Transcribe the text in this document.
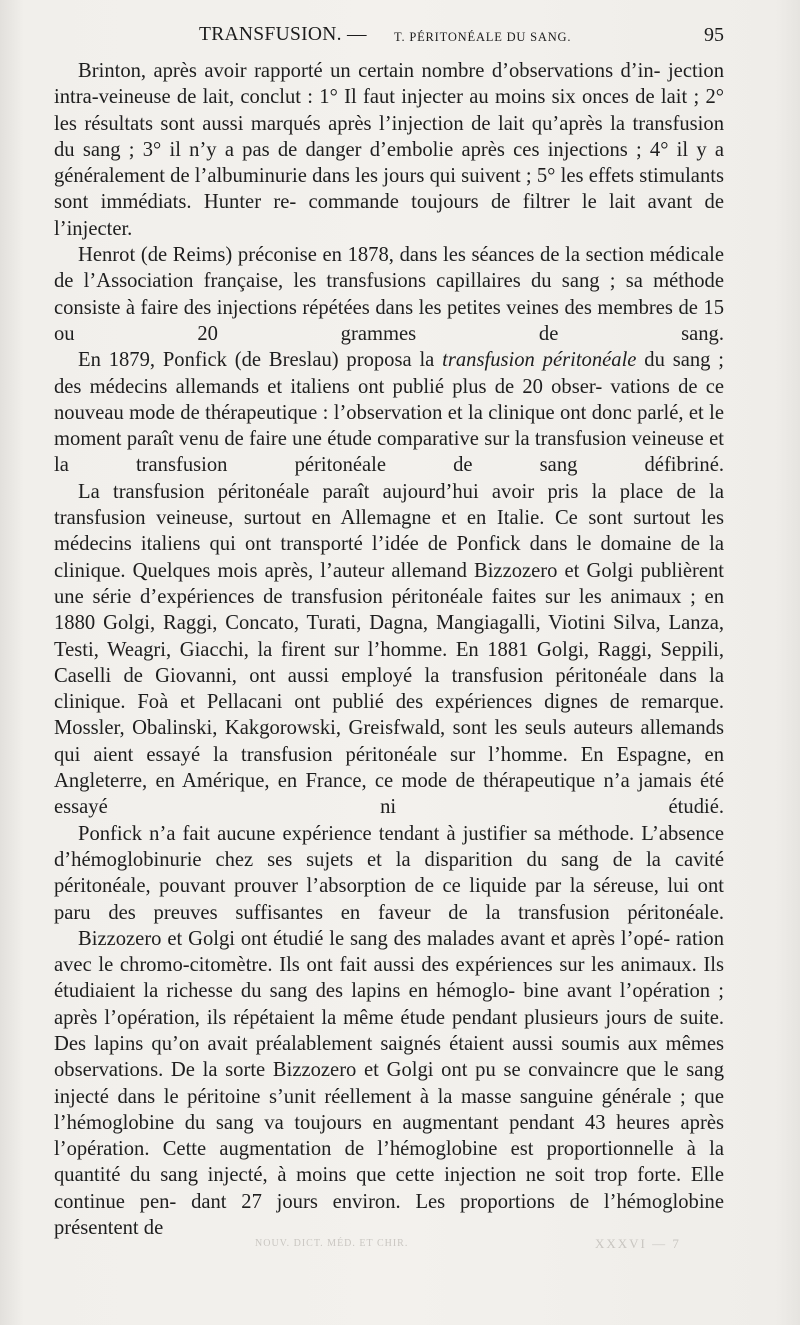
TRANSFUSION. — T. PÉRITONÉALE DU SANG.	95

Brinton, après avoir rapporté un certain nombre d’observations d’in- jection intra-veineuse de lait, conclut : 1° Il faut injecter au moins six onces de lait ; 2° les résultats sont aussi marqués après l’injection de lait qu’après la transfusion du sang ; 3° il n’y a pas de danger d’embolie après ces injections ; 4° il y a généralement de l’albuminurie dans les jours qui suivent ; 5° les effets stimulants sont immédiats. Hunter re- commande toujours de filtrer le lait avant de l’injecter.

Henrot (de Reims) préconise en 1878, dans les séances de la section médicale de l’Association française, les transfusions capillaires du sang ; sa méthode consiste à faire des injections répétées dans les petites veines des membres de 15 ou 20 grammes de sang.

En 1879, Ponfick (de Breslau) proposa la transfusion péritonéale du sang ; des médecins allemands et italiens ont publié plus de 20 obser- vations de ce nouveau mode de thérapeutique : l’observation et la clinique ont donc parlé, et le moment paraît venu de faire une étude comparative sur la transfusion veineuse et la transfusion péritonéale de sang défibriné.

La transfusion péritonéale paraît aujourd’hui avoir pris la place de la transfusion veineuse, surtout en Allemagne et en Italie. Ce sont surtout les médecins italiens qui ont transporté l’idée de Ponfick dans le domaine de la clinique. Quelques mois après, l’auteur allemand Bizzozero et Golgi publièrent une série d’expériences de transfusion péritonéale faites sur les animaux ; en 1880 Golgi, Raggi, Concato, Turati, Dagna, Mangiagalli, Viotini Silva, Lanza, Testi, Weagri, Giacchi, la firent sur l’homme. En 1881 Golgi, Raggi, Seppili, Caselli de Giovanni, ont aussi employé la transfusion péritonéale dans la clinique. Foà et Pellacani ont publié des expériences dignes de remarque. Mossler, Obalinski, Kakgorowski, Greisfwald, sont les seuls auteurs allemands qui aient essayé la transfusion péritonéale sur l’homme. En Espagne, en Angleterre, en Amérique, en France, ce mode de thérapeutique n’a jamais été essayé ni étudié.

Ponfick n’a fait aucune expérience tendant à justifier sa méthode. L’absence d’hémoglobinurie chez ses sujets et la disparition du sang de la cavité péritonéale, pouvant prouver l’absorption de ce liquide par la séreuse, lui ont paru des preuves suffisantes en faveur de la transfusion péritonéale.

Bizzozero et Golgi ont étudié le sang des malades avant et après l’opé- ration avec le chromo-citomètre. Ils ont fait aussi des expériences sur les animaux. Ils étudiaient la richesse du sang des lapins en hémoglo- bine avant l’opération ; après l’opération, ils répétaient la même étude pendant plusieurs jours de suite. Des lapins qu’on avait préalablement saignés étaient aussi soumis aux mêmes observations. De la sorte Bizzozero et Golgi ont pu se convaincre que le sang injecté dans le péritoine s’unit réellement à la masse sanguine générale ; que l’hémoglobine du sang va toujours en augmentant pendant 43 heures après l’opération. Cette augmentation de l’hémoglobine est proportionnelle à la quantité du sang injecté, à moins que cette injection ne soit trop forte. Elle continue pen- dant 27 jours environ. Les proportions de l’hémoglobine présentent de

NOUV. DICT. MÉD. ET CHIR.	XXXVI — 7
